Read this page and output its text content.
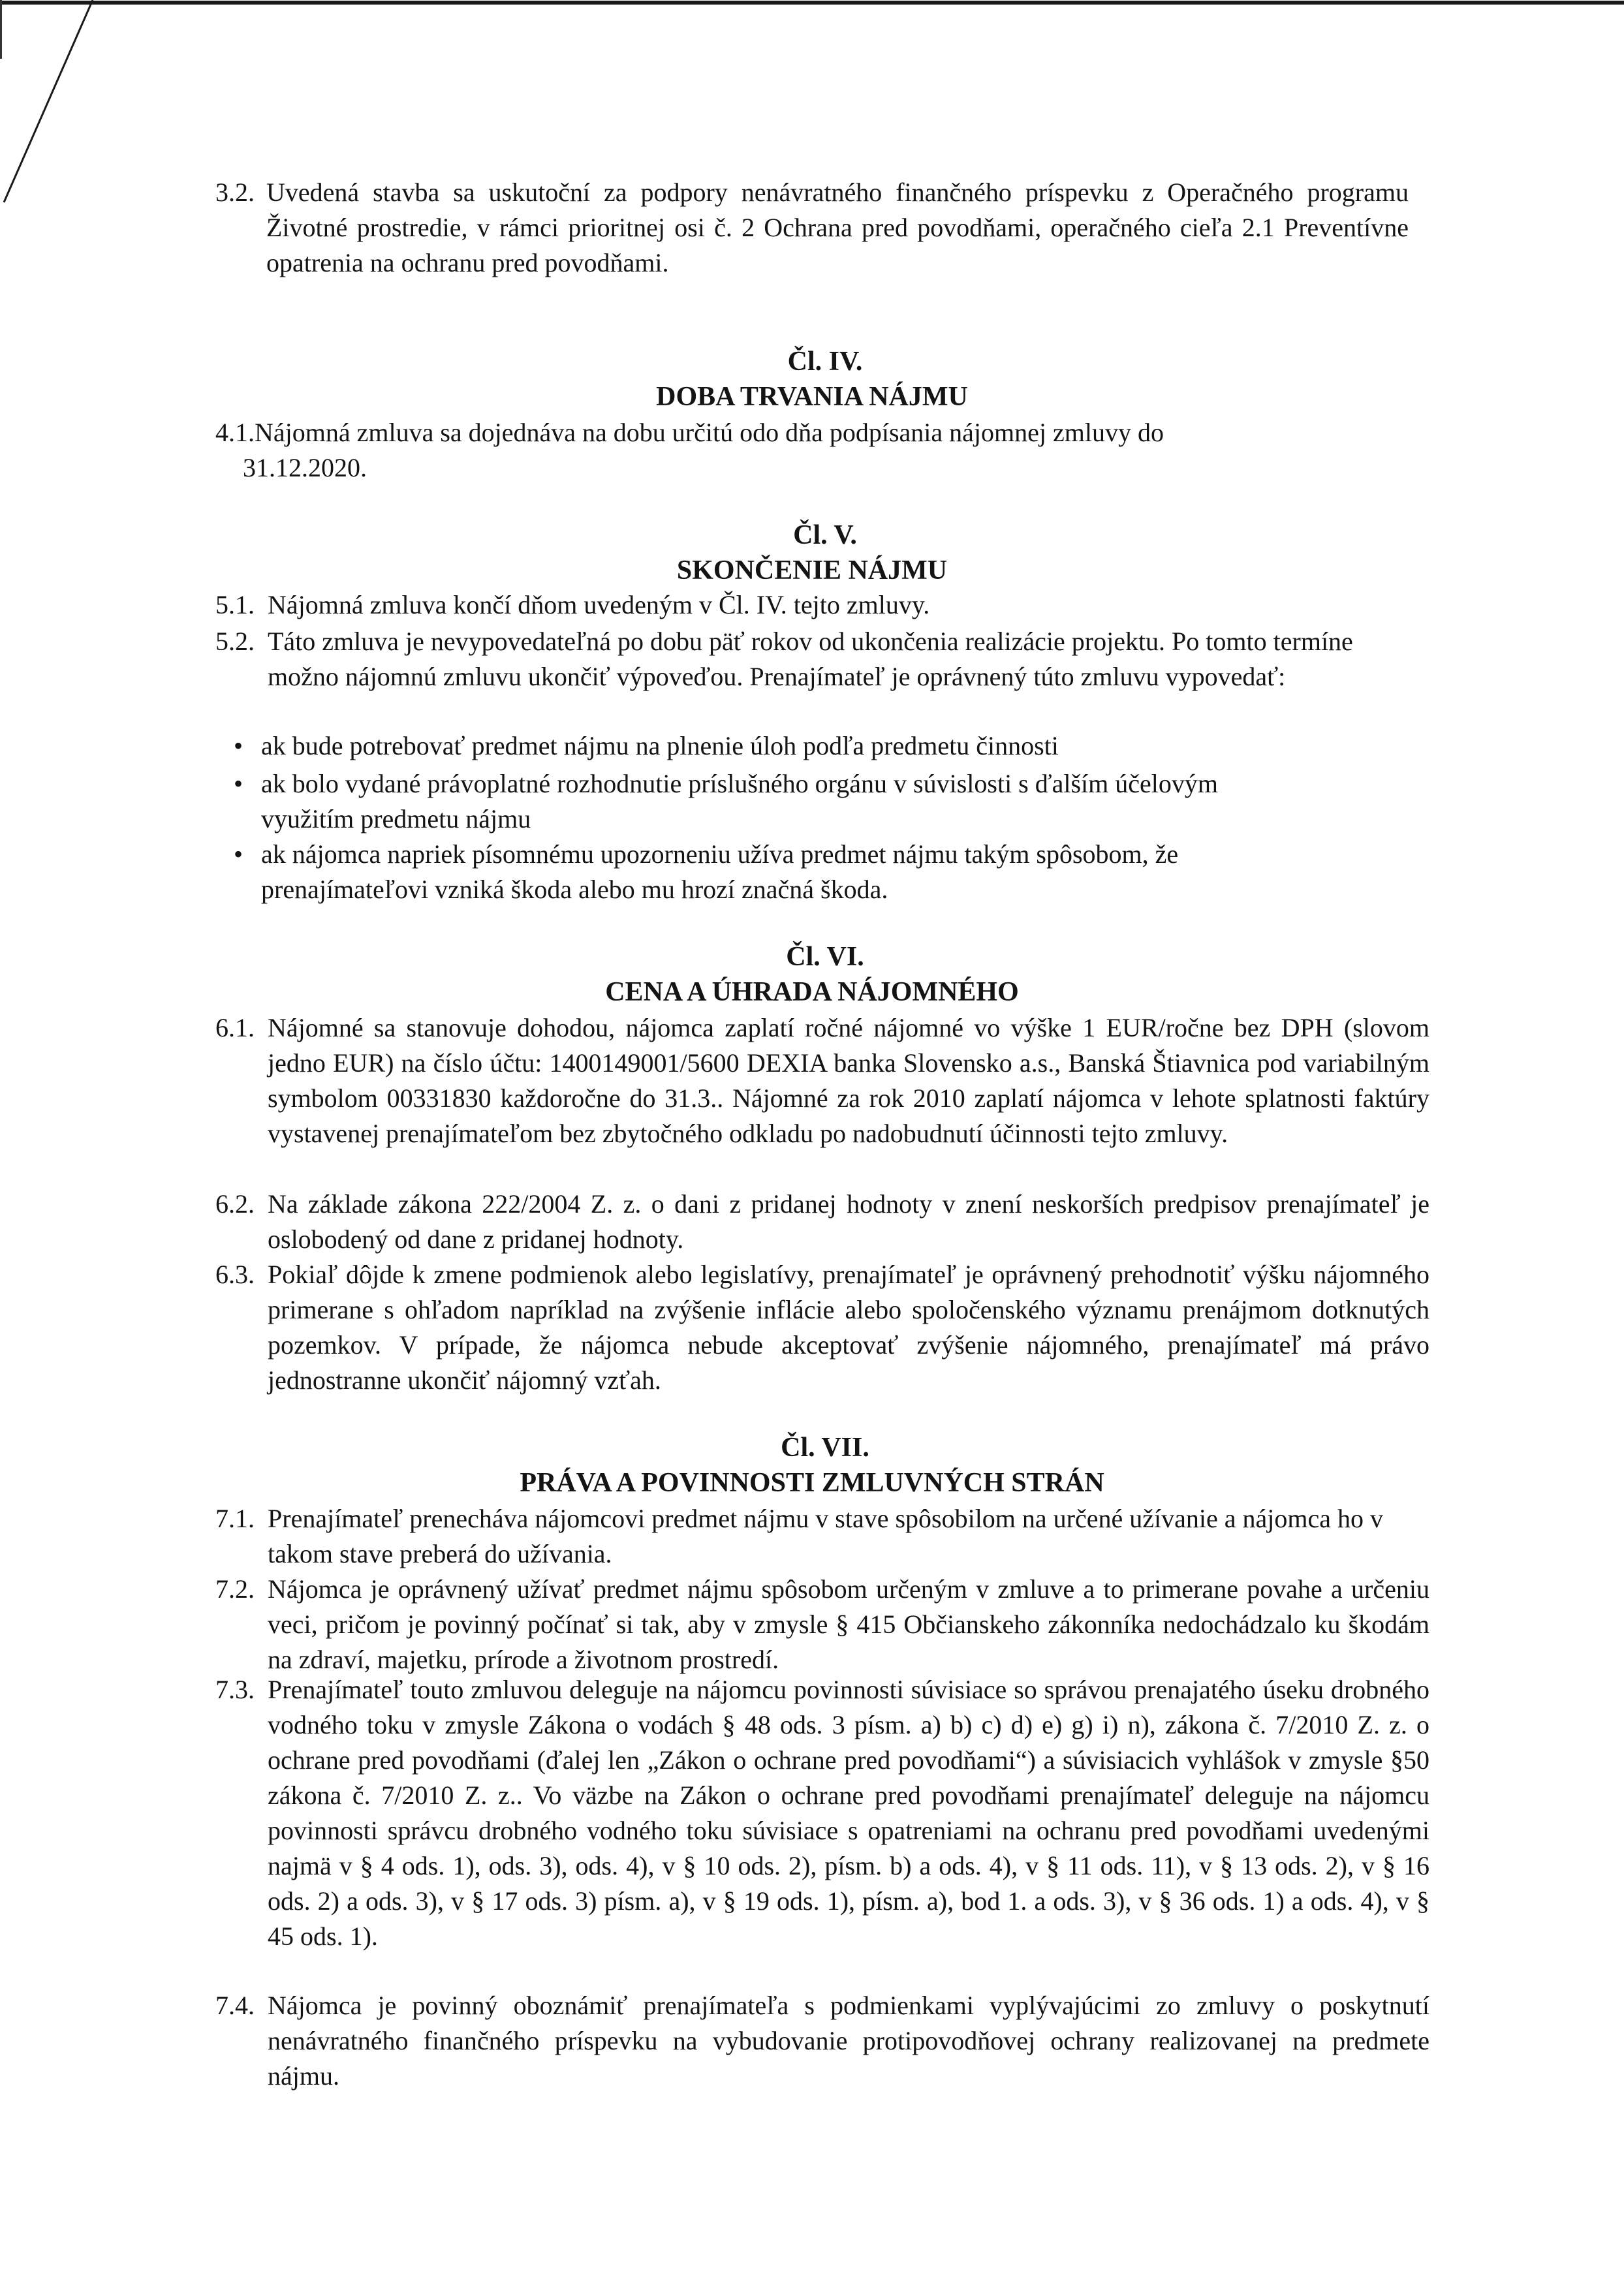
3.2. Uvedená stavba sa uskutoční za podpory nenávratného finančného príspevku z Operačného programu Životné prostredie, v rámci prioritnej osi č. 2 Ochrana pred povodňami, operačného cieľa 2.1 Preventívne opatrenia na ochranu pred povodňami.

Čl. IV.

DOBA TRVANIA NÁJMU

4.1. Nájomná zmluva sa dojednáva na dobu určitú odo dňa podpísania nájomnej zmluvy do 31.12.2020.

Čl. V.

SKONČENIE NÁJMU

5.1. Nájomná zmluva končí dňom uvedeným v Čl. IV. tejto zmluvy.

5.2. Táto zmluva je nevypovedateľná po dobu päť rokov od ukončenia realizácie projektu. Po tomto termíne možno nájomnú zmluvu ukončiť výpoveďou. Prenajímateľ je oprávnený túto zmluvu vypovedať:

• ak bude potrebovať predmet nájmu na plnenie úloh podľa predmetu činnosti
• ak bolo vydané právoplatné rozhodnutie príslušného orgánu v súvislosti s ďalším účelovým využitím predmetu nájmu
• ak nájomca napriek písomnému upozorneniu užíva predmet nájmu takým spôsobom, že prenajímateľovi vzniká škoda alebo mu hrozí značná škoda.

Čl. VI.

CENA A ÚHRADA NÁJOMNÉHO

6.1. Nájomné sa stanovuje dohodou, nájomca zaplatí ročné nájomné vo výške 1 EUR/ročne bez DPH (slovom jedno EUR) na číslo účtu: 1400149001/5600 DEXIA banka Slovensko a.s., Banská Štiavnica pod variabilným symbolom 00331830 každoročne do 31.3.. Nájomné za rok 2010 zaplatí nájomca v lehote splatnosti faktúry vystavenej prenajímateľom bez zbytočného odkladu po nadobudnutí účinnosti tejto zmluvy.

6.2. Na základe zákona 222/2004 Z. z. o dani z pridanej hodnoty v znení neskorších predpisov prenajímateľ je oslobodený od dane z pridanej hodnoty.

6.3. Pokiaľ dôjde k zmene podmienok alebo legislatívy, prenajímateľ je oprávnený prehodnotiť výšku nájomného primerane s ohľadom napríklad na zvýšenie inflácie alebo spoločenského významu prenájmom dotknutých pozemkov. V prípade, že nájomca nebude akceptovať zvýšenie nájomného, prenajímateľ má právo jednostranne ukončiť nájomný vzťah.

Čl. VII.

PRÁVA A POVINNOSTI ZMLUVNÝCH STRÁN

7.1. Prenajímateľ prenecháva nájomcovi predmet nájmu v stave spôsobilom na určené užívanie a nájomca ho v takom stave preberá do užívania.

7.2. Nájomca je oprávnený užívať predmet nájmu spôsobom určeným v zmluve a to primerane povahe a určeniu veci, pričom je povinný počínať si tak, aby v zmysle § 415 Občianskeho zákonníka nedochádzalo ku škodám na zdraví, majetku, prírode a životnom prostredí.

7.3. Prenajímateľ touto zmluvou deleguje na nájomcu povinnosti súvisiace so správou prenajatého úseku drobného vodného toku v zmysle Zákona o vodách § 48 ods. 3 písm. a) b) c) d) e) g) i) n), zákona č. 7/2010 Z. z. o ochrane pred povodňami (ďalej len „Zákon o ochrane pred povodňami“) a súvisiacich vyhlášok v zmysle §50 zákona č. 7/2010 Z. z.. Vo väzbe na Zákon o ochrane pred povodňami prenajímateľ deleguje na nájomcu povinnosti správcu drobného vodného toku súvisiace s opatreniami na ochranu pred povodňami uvedenými najmä v § 4 ods. 1), ods. 3), ods. 4), v § 10 ods. 2), písm. b) a ods. 4), v § 11 ods. 11), v § 13 ods. 2), v § 16 ods. 2) a ods. 3), v § 17 ods. 3) písm. a), v § 19 ods. 1), písm. a), bod 1. a ods. 3), v § 36 ods. 1) a ods. 4), v § 45 ods. 1).

7.4. Nájomca je povinný oboznámiť prenajímateľa s podmienkami vyplývajúcimi zo zmluvy o poskytnutí nenávratného finančného príspevku na vybudovanie protipovodňovej ochrany realizovanej na predmete nájmu.
